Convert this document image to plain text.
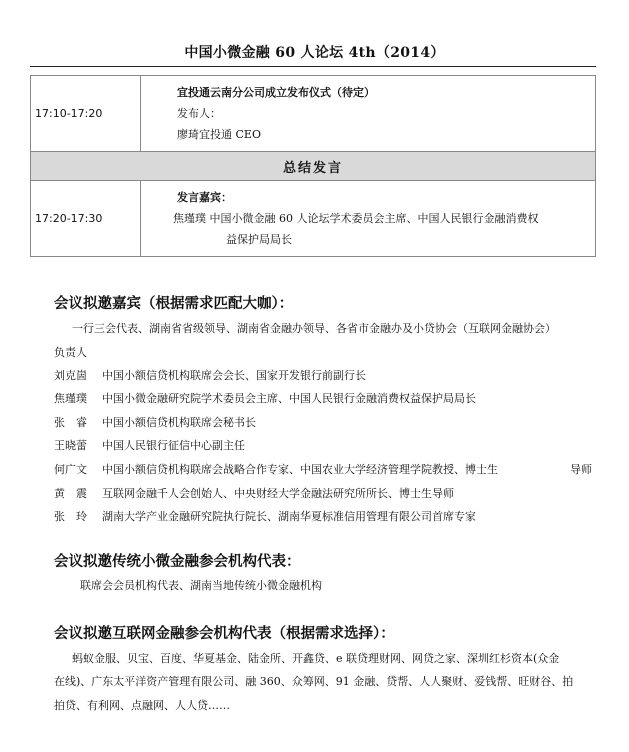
中国小微金融 60 人论坛 4th（2014）
17:10-17:20	宜投通云南分公司成立发布仪式（待定）
发布人：
廖琦宜投通 CEO

总结发言	
17:20-17:30	发言嘉宾：
焦瑾璞 中国小微金融 60 人论坛学术委员会主席、中国人民银行金融消费权
益保护局局长
会议拟邀嘉宾（根据需求匹配大咖）：
一行三会代表、湖南省省级领导、湖南省金融办领导、各省市金融办及小贷协会（互联网金融协会）
负责人
刘克崮 中国小额信贷机构联席会会长、国家开发银行前副行长
焦瑾璞 中国小微金融研究院学术委员会主席、中国人民银行金融消费权益保护局局长
张　睿 中国小额信贷机构联席会秘书长
王晓蕾 中国人民银行征信中心副主任
何广文 中国小额信贷机构联席会战略合作专家、中国农业大学经济管理学院教授、博士生	导师
黄　震 互联网金融千人会创始人、中央财经大学金融法研究所所长、博士生导师
张　玲 湖南大学产业金融研究院执行院长、湖南华夏标准信用管理有限公司首席专家
会议拟邀传统小微金融参会机构代表：
联席会会员机构代表、湖南当地传统小微金融机构
会议拟邀互联网金融参会机构代表（根据需求选择）：
蚂蚁金服、贝宝、百度、华夏基金、陆金所、开鑫贷、e 联贷理财网、网贷之家、深圳红杉资本(众金
在线)、广东太平洋资产管理有限公司、融 360、众筹网、91 金融、贷帮、人人聚财、爱钱帮、旺财谷、拍
拍贷、有利网、点融网、人人贷……
